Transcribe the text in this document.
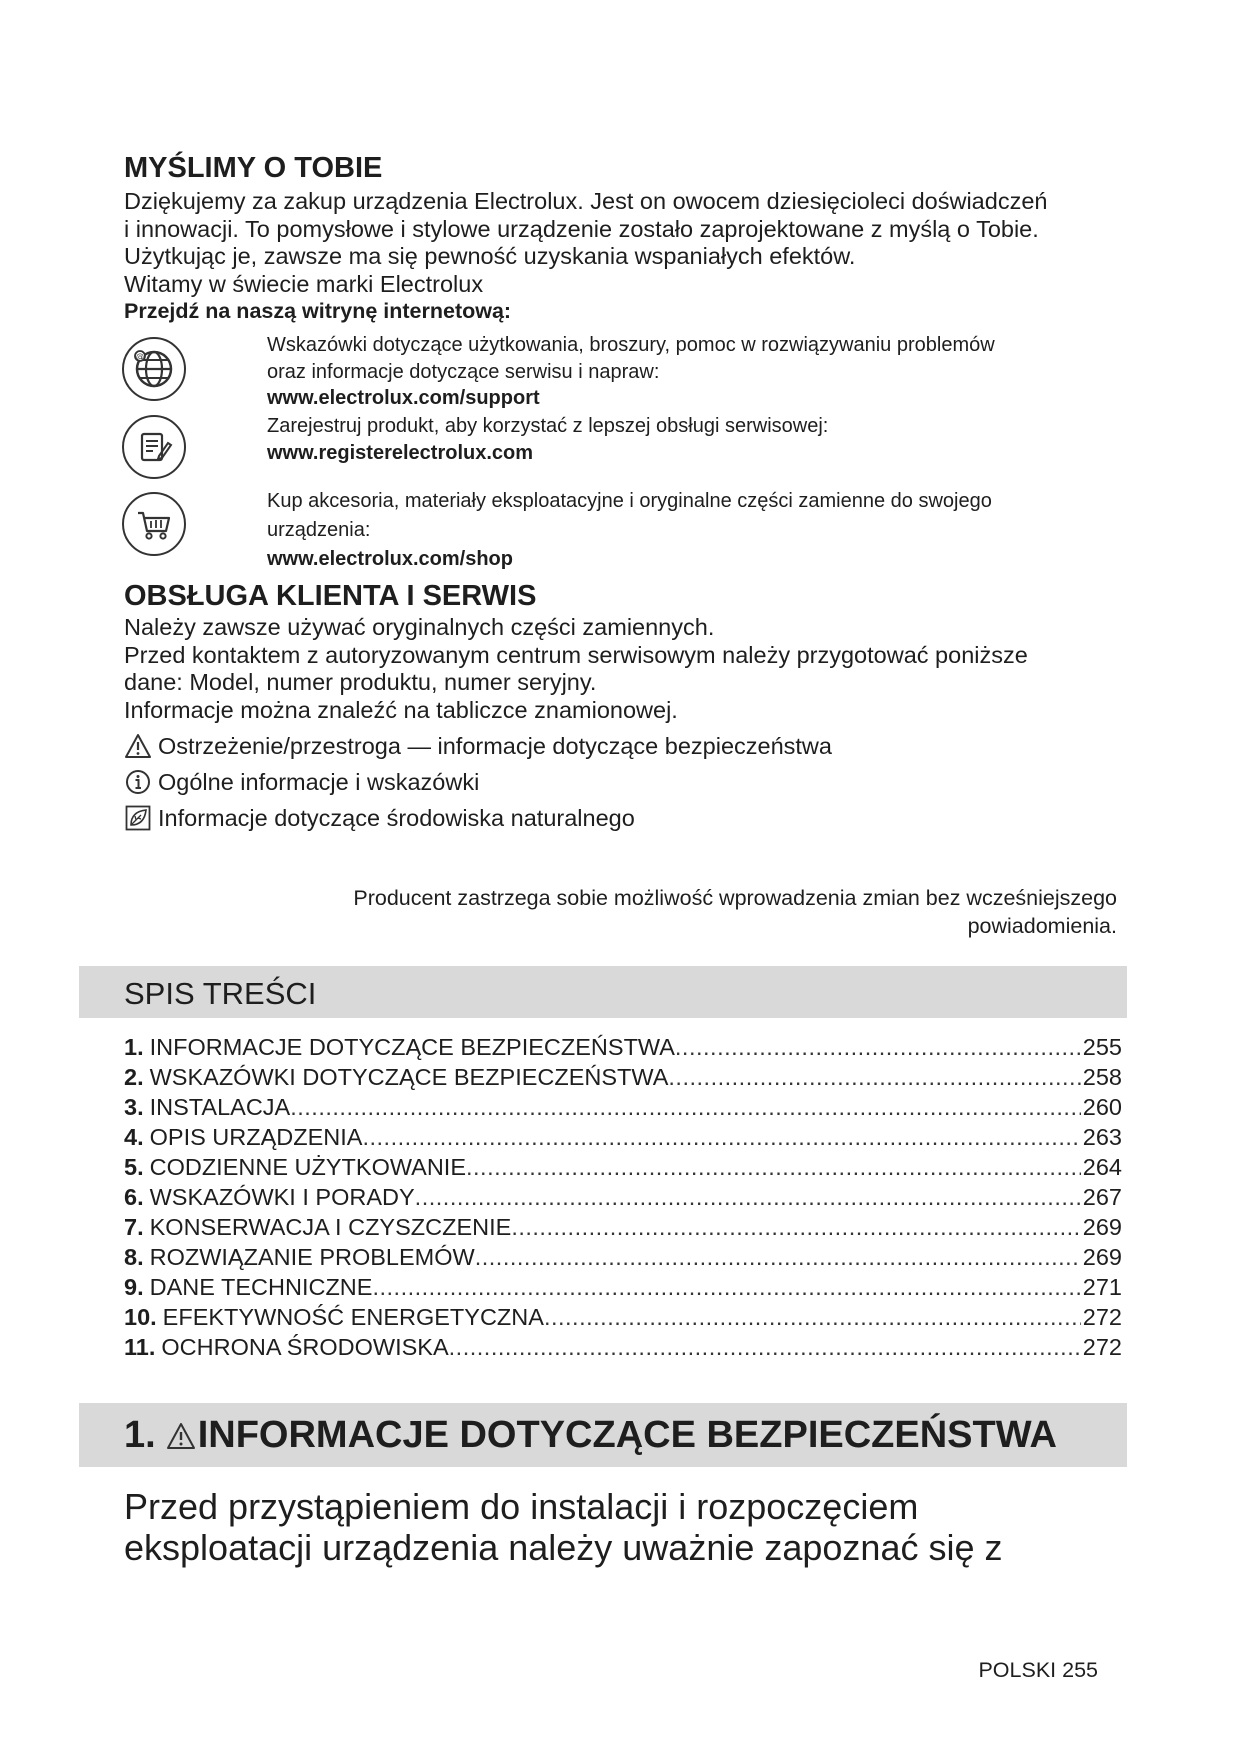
MYŚLIMY O TOBIE
Dziękujemy za zakup urządzenia Electrolux. Jest on owocem dziesięcioleci doświadczeń
i innowacji. To pomysłowe i stylowe urządzenie zostało zaprojektowane z myślą o Tobie.
Użytkując je, zawsze ma się pewność uzyskania wspaniałych efektów.
Witamy w świecie marki Electrolux
Przejdź na naszą witrynę internetową:
@
Wskazówki dotyczące użytkowania, broszury, pomoc w rozwiązywaniu problemów
oraz informacje dotyczące serwisu i napraw:
www.electrolux.com/support
Zarejestruj produkt, aby korzystać z lepszej obsługi serwisowej:
www.registerelectrolux.com
Kup akcesoria, materiały eksploatacyjne i oryginalne części zamienne do swojego
urządzenia:
www.electrolux.com/shop
OBSŁUGA KLIENTA I SERWIS
Należy zawsze używać oryginalnych części zamiennych.
Przed kontaktem z autoryzowanym centrum serwisowym należy przygotować poniższe
dane: Model, numer produktu, numer seryjny.
Informacje można znaleźć na tabliczce znamionowej.
Ostrzeżenie/przestroga — informacje dotyczące bezpieczeństwa
Ogólne informacje i wskazówki
Informacje dotyczące środowiska naturalnego
Producent zastrzega sobie możliwość wprowadzenia zmian bez wcześniejszego
powiadomienia.
SPIS TREŚCI
1. INFORMACJE DOTYCZĄCE BEZPIECZEŃSTWA .....	255
2. WSKAZÓWKI DOTYCZĄCE BEZPIECZEŃSTWA .....	258
3. INSTALACJA .....	260
4. OPIS URZĄDZENIA .....	263
5. CODZIENNE UŻYTKOWANIE .....	264
6. WSKAZÓWKI I PORADY .....	267
7. KONSERWACJA I CZYSZCZENIE .....	269
8. ROZWIĄZANIE PROBLEMÓW .....	269
9. DANE TECHNICZNE .....	271
10. EFEKTYWNOŚĆ ENERGETYCZNA .....	272
11. OCHRONA ŚRODOWISKA .....	272
1. INFORMACJE DOTYCZĄCE BEZPIECZEŃSTWA
Przed przystąpieniem do instalacji i rozpoczęciem
eksploatacji urządzenia należy uważnie zapoznać się z
POLSKI 255
